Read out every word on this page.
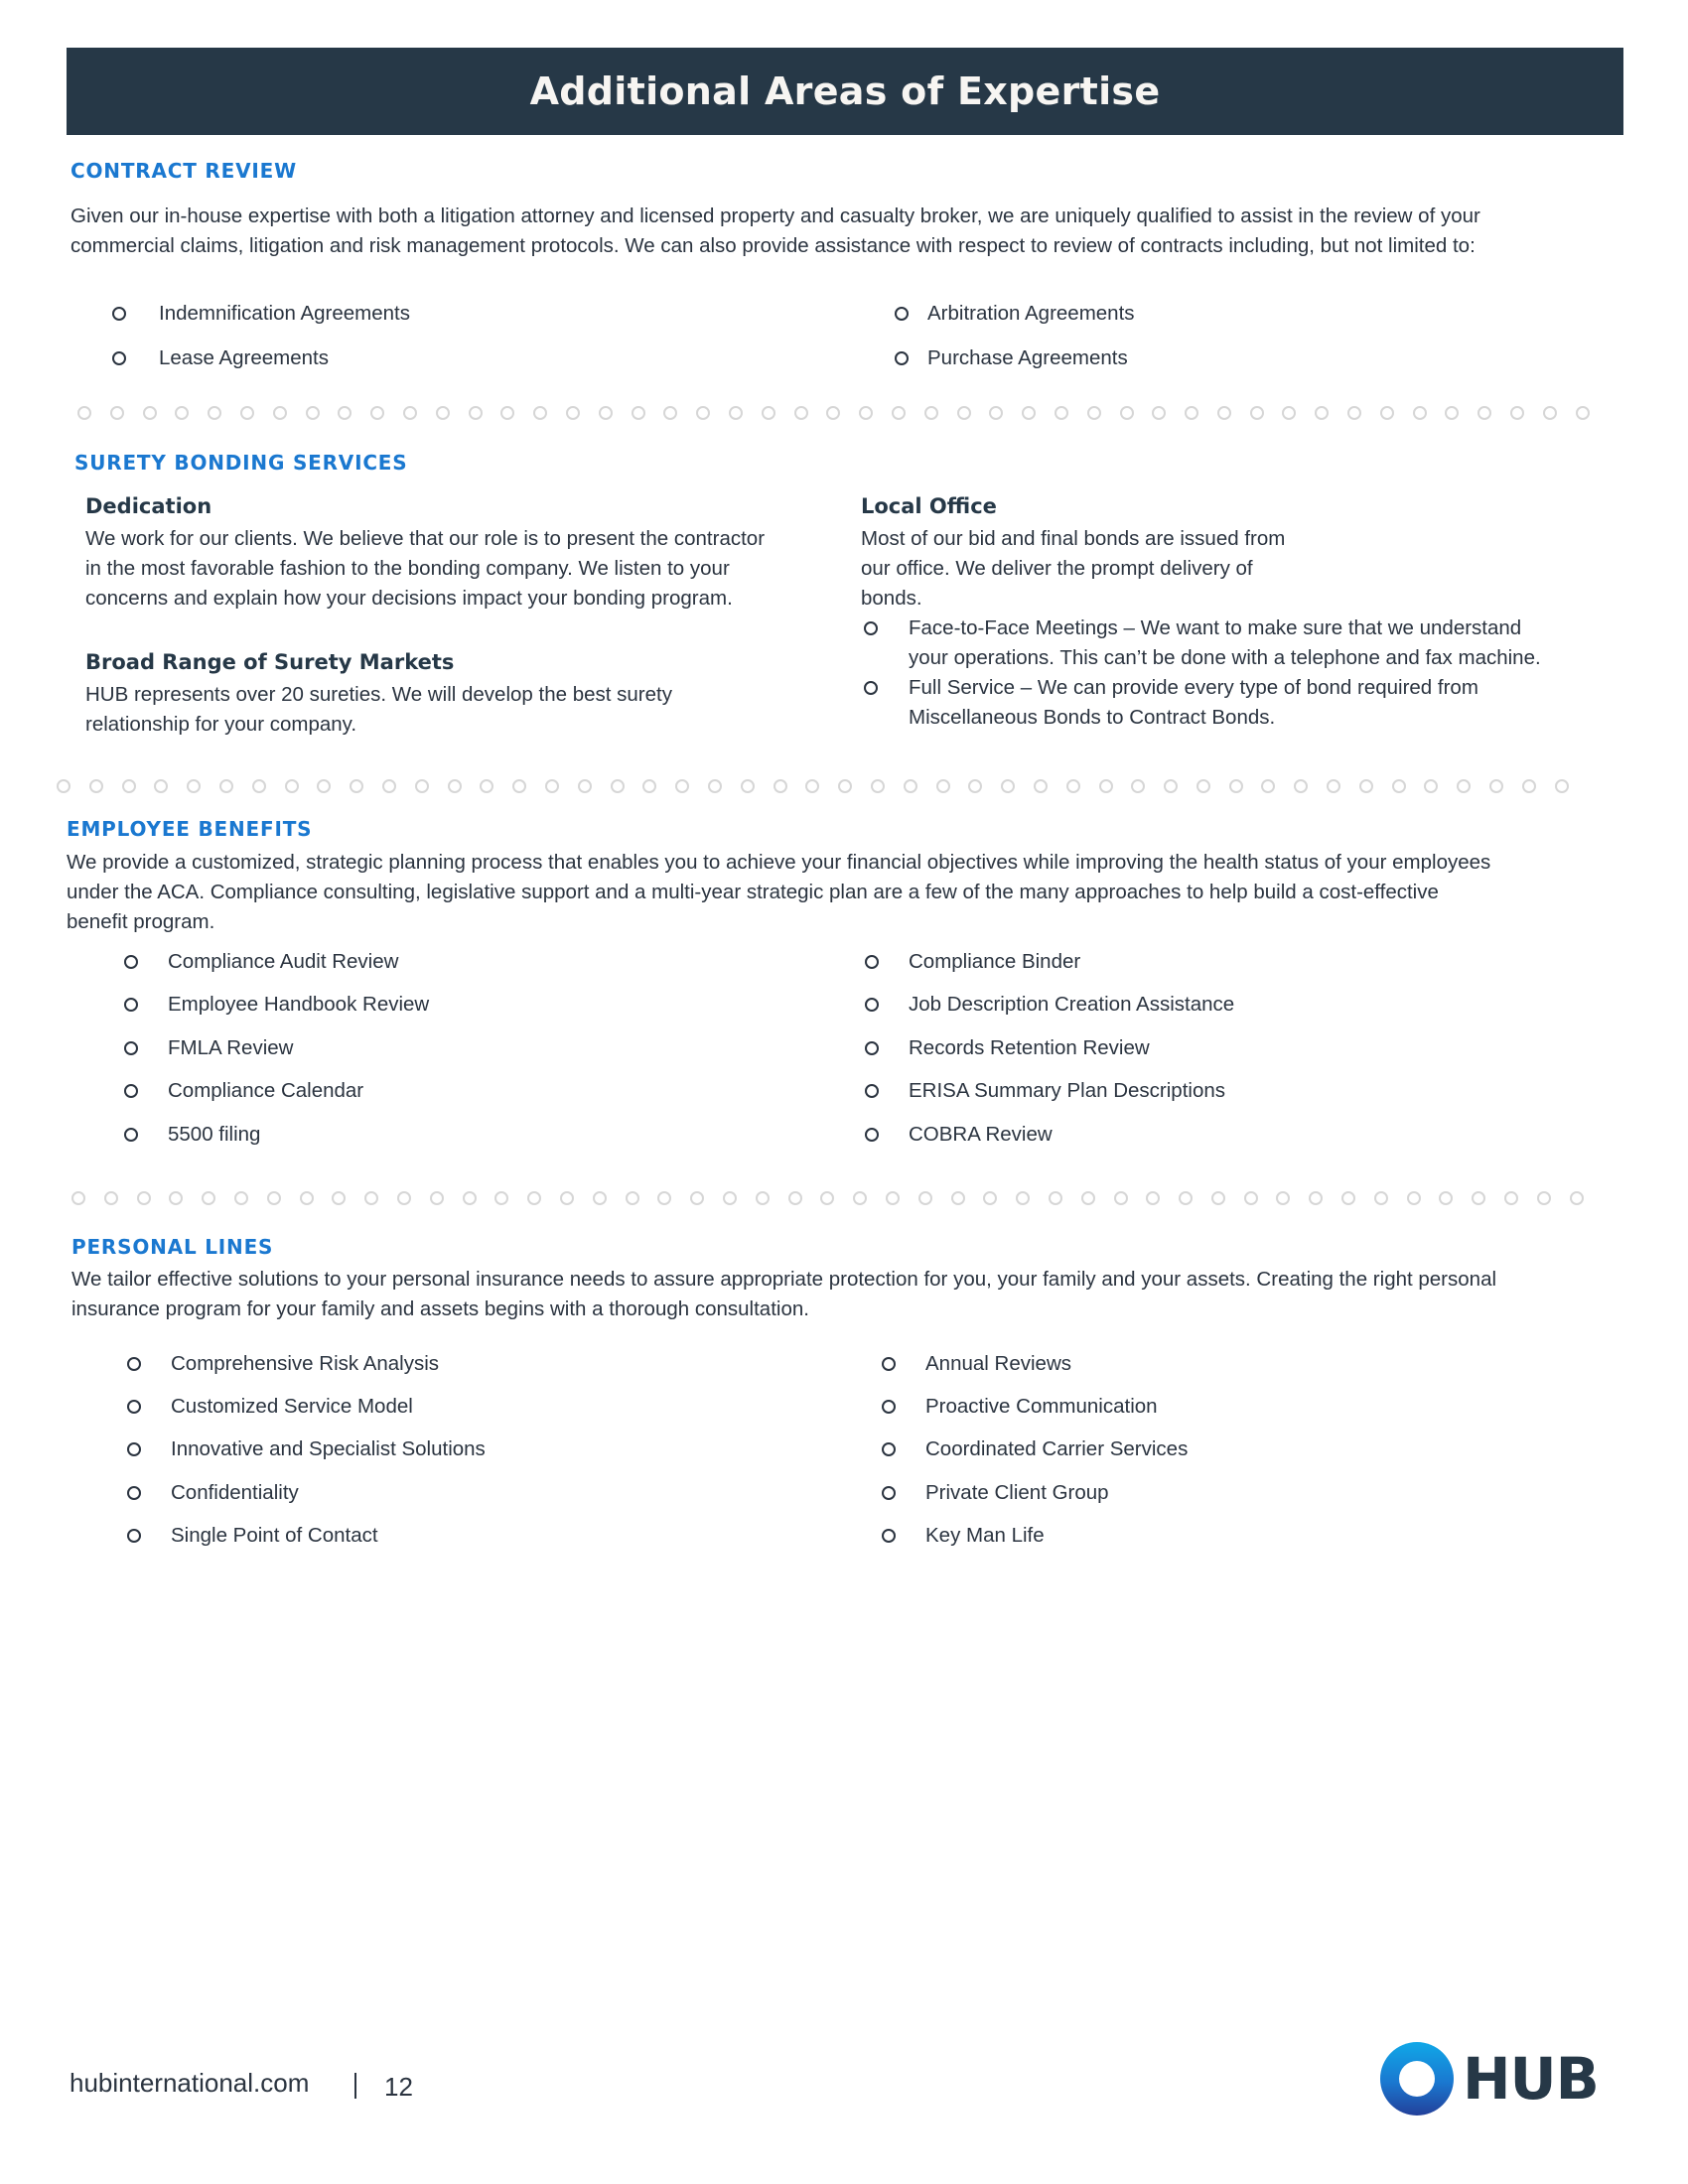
Additional Areas of Expertise
CONTRACT REVIEW
Given our in-house expertise with both a litigation attorney and licensed property and casualty broker, we are uniquely qualified to assist in the review of your
commercial claims, litigation and risk management protocols. We can also provide assistance with respect to review of contracts including, but not limited to:
Indemnification Agreements
Lease Agreements
Arbitration Agreements
Purchase Agreements
SURETY BONDING SERVICES
Dedication
We work for our clients. We believe that our role is to present the contractor
in the most favorable fashion to the bonding company. We listen to your
concerns and explain how your decisions impact your bonding program.
Broad Range of Surety Markets
HUB represents over 20 sureties. We will develop the best surety
relationship for your company.
Local Office
Most of our bid and final bonds are issued from
our office. We deliver the prompt delivery of
bonds.
Face-to-Face Meetings – We want to make sure that we understand
your operations. This can’t be done with a telephone and fax machine.
Full Service – We can provide every type of bond required from
Miscellaneous Bonds to Contract Bonds.
EMPLOYEE BENEFITS
We provide a customized, strategic planning process that enables you to achieve your financial objectives while improving the health status of your employees
under the ACA. Compliance consulting, legislative support and a multi-year strategic plan are a few of the many approaches to help build a cost-effective
benefit program.
Compliance Audit Review
Employee Handbook Review
FMLA Review
Compliance Calendar
5500 filing
Compliance Binder
Job Description Creation Assistance
Records Retention Review
ERISA Summary Plan Descriptions
COBRA Review
PERSONAL LINES
We tailor effective solutions to your personal insurance needs to assure appropriate protection for you, your family and your assets. Creating the right personal
insurance program for your family and assets begins with a thorough consultation.
Comprehensive Risk Analysis
Customized Service Model
Innovative and Specialist Solutions
Confidentiality
Single Point of Contact
Annual Reviews
Proactive Communication
Coordinated Carrier Services
Private Client Group
Key Man Life
hubinternational.com	12	HUB
